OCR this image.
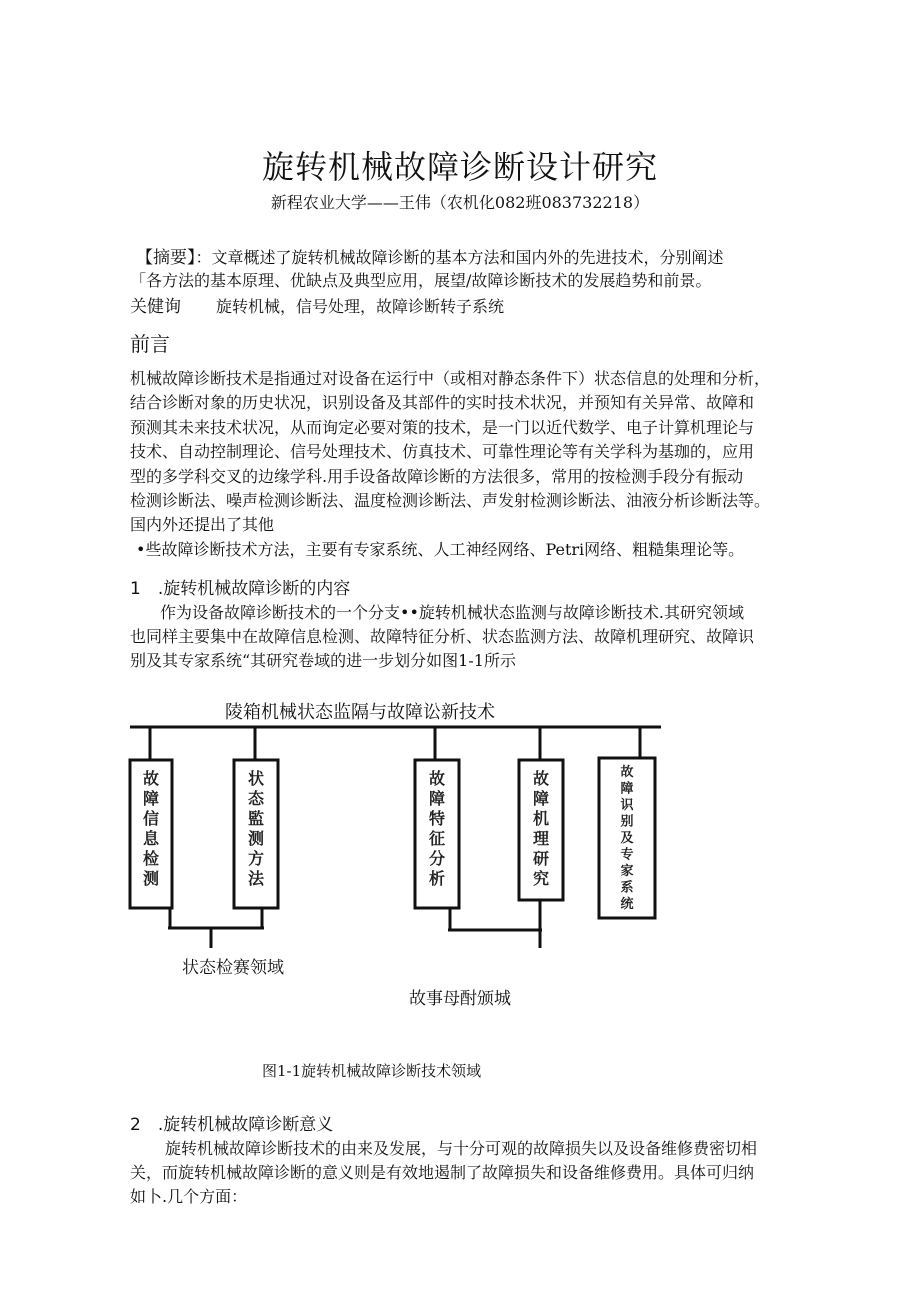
旋转机械故障诊断设计研究
新程农业大学——王伟（农机化082班083732218）
【摘要】：文章概述了旋转机械故障诊断的基本方法和国内外的先进技术，分别阐述
「各方法的基本原理、优缺点及典型应用，展望/故障诊断技术的发展趋势和前景。
关健询 旋转机械，信号处理，故障诊断转子系统
前言
机械故障诊断技术是指通过对设备在运行中（或相对静态条件下）状态信息的处理和分析，
结合诊断对象的历史状况，识别设备及其部件的实时技术状况，并预知有关异常、故障和
预测其未来技术状况，从而询定必要对策的技术，是一门以近代数学、电子计算机理论与
技术、自动控制理论、信号处理技术、仿真技术、可靠性理论等有关学科为基珈的，应用
型的多学科交叉的边缘学科.用手设备故障诊断的方法很多，常用的按检测手段分有振动
检测诊断法、噪声检测诊断法、温度检测诊断法、声发射检测诊断法、油液分析诊断法等。
国内外还提出了其他
•些故障诊断技术方法，主要有专家系统、人工神经网络、Petri网络、粗糙集理论等。
1　.旋转机械故障诊断的内容
作为设备故障诊断技术的一个分支••旋转机械状态监测与故障诊断技术.其研究领域
也同样主要集中在故障信息检测、故障特征分析、状态监测方法、故障机理研究、故障识
别及其专家系统“其研究卷域的进一步划分如图1-1所示
陵箱机械状态监隔与故障讼新技术
故
障
信
息
检
测
状
态
監
测
方
法
故
障
特
征
分
析
故
障
机
理
研
究
故
障
识
别
及
专
家
系
统
状态检赛领域
故事母酎颁城
图1-1旋转机械故障诊断技术领域
2　.旋转机械故障诊断意义
旋转机械故障诊断技术的由来及发展，与十分可观的故障损失以及设备维修费密切相
关，而旋转机械故障诊断的意义则是有效地遏制了故障损失和设备维修费用。具体可归纳
如卜.几个方面：
